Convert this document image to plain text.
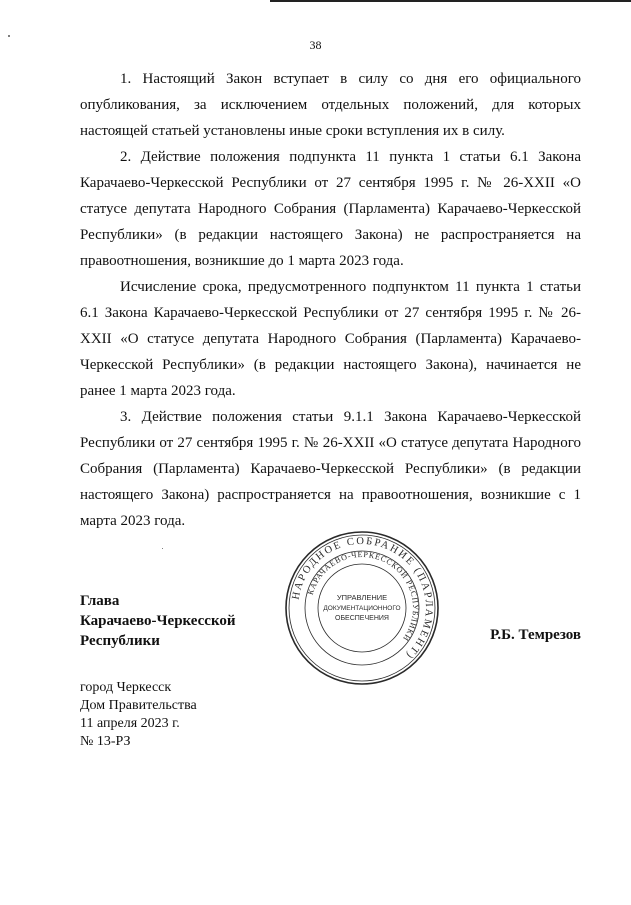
38

1. Настоящий Закон вступает в силу со дня его официального опубликования, за исключением отдельных положений, для которых настоящей статьей установлены иные сроки вступления их в силу.

2. Действие положения подпункта 11 пункта 1 статьи 6.1 Закона Карачаево-Черкесской Республики от 27 сентября 1995 г. № 26-XXII «О статусе депутата Народного Собрания (Парламента) Карачаево-Черкесской Республики» (в редакции настоящего Закона) не распространяется на правоотношения, возникшие до 1 марта 2023 года.

Исчисление срока, предусмотренного подпунктом 11 пункта 1 статьи 6.1 Закона Карачаево-Черкесской Республики от 27 сентября 1995 г. № 26-XXII «О статусе депутата Народного Собрания (Парламента) Карачаево-Черкесской Республики» (в редакции настоящего Закона), начинается не ранее 1 марта 2023 года.

3. Действие положения статьи 9.1.1 Закона Карачаево-Черкесской Республики от 27 сентября 1995 г. № 26-XXII «О статусе депутата Народного Собрания (Парламента) Карачаево-Черкесской Республики» (в редакции настоящего Закона) распространяется на правоотношения, возникшие с 1 марта 2023 года.

Глава
Карачаево-Черкесской
Республики
НАРОДНОЕ СОБРАНИЕ (ПАРЛАМЕНТ)
КАРАЧАЕВО-ЧЕРКЕССКОЙ РЕСПУБЛИКИ
УПРАВЛЕНИЕ
ДОКУМЕНТАЦИОННОГО
ОБЕСПЕЧЕНИЯ
Р.Б. Темрезов
город Черкесск
Дом Правительства
11 апреля 2023 г.
№ 13-РЗ
